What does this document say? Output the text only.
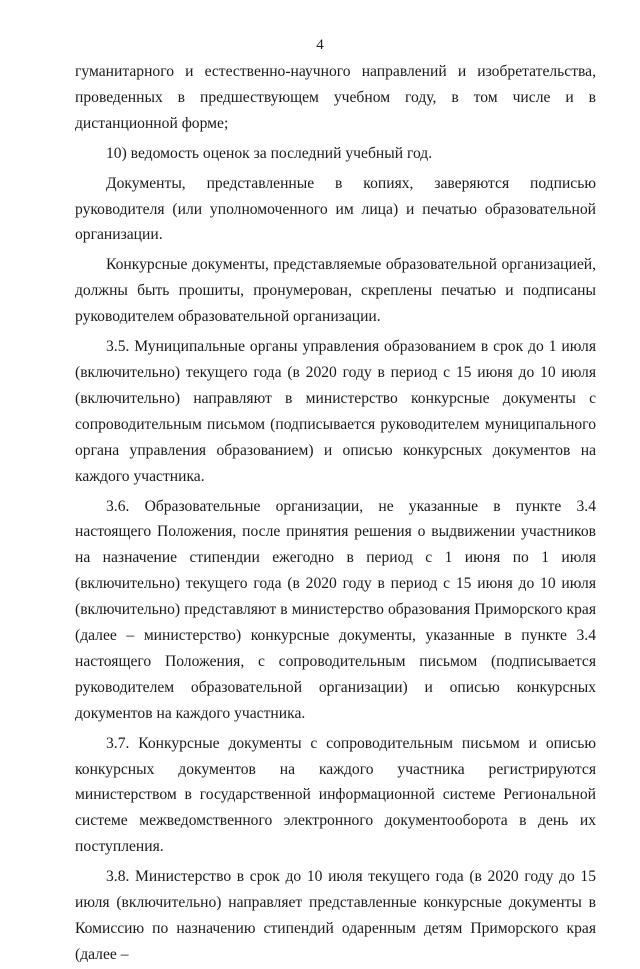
4

гуманитарного и естественно-научного направлений и изобретательства, проведенных в предшествующем учебном году, в том числе и в дистанционной форме;

10) ведомость оценок за последний учебный год.

Документы, представленные в копиях, заверяются подписью руководителя (или уполномоченного им лица) и печатью образовательной организации.

Конкурсные документы, представляемые образовательной организацией, должны быть прошиты, пронумерован, скреплены печатью и подписаны руководителем образовательной организации.

3.5. Муниципальные органы управления образованием в срок до 1 июля (включительно) текущего года (в 2020 году в период с 15 июня до 10 июля (включительно) направляют в министерство конкурсные документы с сопроводительным письмом (подписывается руководителем муниципального органа управления образованием) и описью конкурсных документов на каждого участника.

3.6. Образовательные организации, не указанные в пункте 3.4 настоящего Положения, после принятия решения о выдвижении участников на назначение стипендии ежегодно в период с 1 июня по 1 июля (включительно) текущего года (в 2020 году в период с 15 июня до 10 июля (включительно) представляют в министерство образования Приморского края (далее – министерство) конкурсные документы, указанные в пункте 3.4 настоящего Положения, с сопроводительным письмом (подписывается руководителем образовательной организации) и описью конкурсных документов на каждого участника.

3.7. Конкурсные документы с сопроводительным письмом и описью конкурсных документов на каждого участника регистрируются министерством в государственной информационной системе Региональной системе межведомственного электронного документооборота в день их поступления.

3.8. Министерство в срок до 10 июля текущего года (в 2020 году до 15 июля (включительно) направляет представленные конкурсные документы в Комиссию по назначению стипендий одаренным детям Приморского края (далее –
